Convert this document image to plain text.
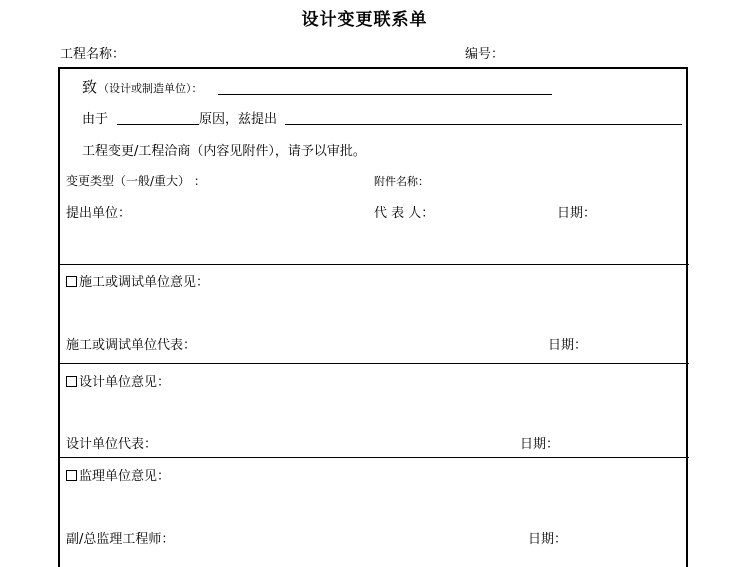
设计变更联系单
工程名称：	编号：
致 （设计或制造单位）：
由于	原因，兹提出
工程变更/工程洽商（内容见附件），请予以审批。
变更类型（一般/重大） ：	附件名称：
提出单位：	代 表 人：	日期：
施工或调试单位意见：
施工或调试单位代表：	日期：
设计单位意见：
设计单位代表：	日期：
监理单位意见：
副/总监理工程师：	日期：
